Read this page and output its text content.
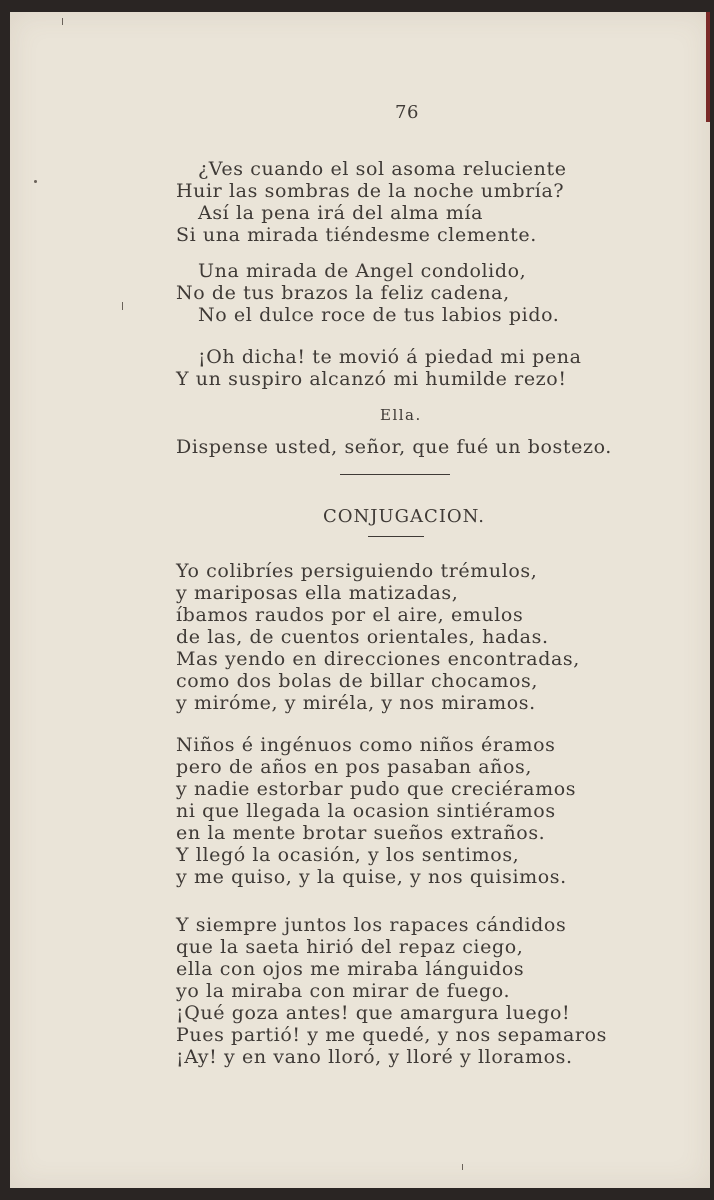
76
¿Ves cuando el sol asoma reluciente
Huir las sombras de la noche umbría?
Así la pena irá del alma mía
Si una mirada tiéndesme clemente.
Una mirada de Angel condolido,
No de tus brazos la feliz cadena,
No el dulce roce de tus labios pido.
¡Oh dicha! te movió á piedad mi pena
Y un suspiro alcanzó mi humilde rezo!
Ella.
Dispense usted, señor, que fué un bostezo.
CONJUGACION.
Yo colibríes persiguiendo trémulos,
y mariposas ella matizadas,
íbamos raudos por el aire, emulos
de las, de cuentos orientales, hadas.
Mas yendo en direcciones encontradas,
como dos bolas de billar chocamos,
y miróme, y miréla, y nos miramos.
Niños é ingénuos como niños éramos
pero de años en pos pasaban años,
y nadie estorbar pudo que creciéramos
ni que llegada la ocasion sintiéramos
en la mente brotar sueños extraños.
Y llegó la ocasión, y los sentimos,
y me quiso, y la quise, y nos quisimos.
Y siempre juntos los rapaces cándidos
que la saeta hirió del repaz ciego,
ella con ojos me miraba lánguidos
yo la miraba con mirar de fuego.
¡Qué goza antes! que amargura luego!
Pues partió! y me quedé, y nos sepamaros
¡Ay! y en vano lloró, y lloré y lloramos.
